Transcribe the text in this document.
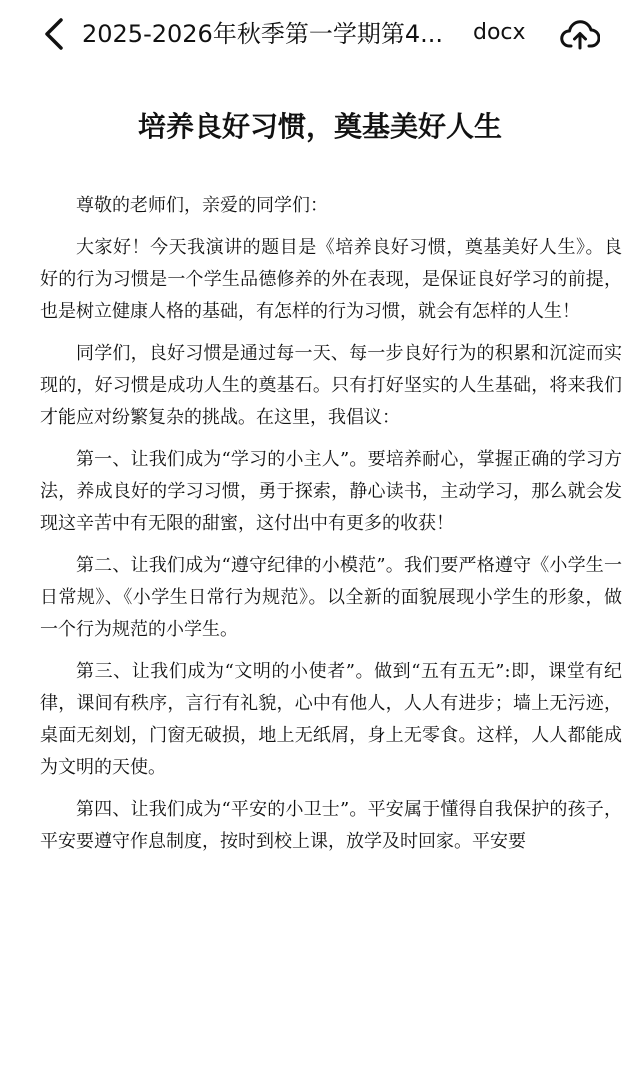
2025-2026年秋季第一学期第4...	docx
培养良好习惯，奠基美好人生

尊敬的老师们，亲爱的同学们：

大家好！今天我演讲的题目是《培养良好习惯，奠基美好人生》。良好的行为习惯是一个学生品德修养的外在表现，是保证良好学习的前提，也是树立健康人格的基础，有怎样的行为习惯，就会有怎样的人生！

同学们，良好习惯是通过每一天、每一步良好行为的积累和沉淀而实现的，好习惯是成功人生的奠基石。只有打好坚实的人生基础，将来我们才能应对纷繁复杂的挑战。在这里，我倡议：

第一、让我们成为“学习的小主人”。要培养耐心，掌握正确的学习方法，养成良好的学习习惯，勇于探索，静心读书，主动学习，那么就会发现这辛苦中有无限的甜蜜，这付出中有更多的收获！

第二、让我们成为“遵守纪律的小模范”。我们要严格遵守《小学生一日常规》、《小学生日常行为规范》。以全新的面貌展现小学生的形象，做一个行为规范的小学生。

第三、让我们成为“文明的小使者”。做到“五有五无”:即，课堂有纪律，课间有秩序，言行有礼貌，心中有他人，人人有进步；墙上无污迹，桌面无刻划，门窗无破损，地上无纸屑，身上无零食。这样，人人都能成为文明的天使。

第四、让我们成为“平安的小卫士”。平安属于懂得自我保护的孩子，平安要遵守作息制度，按时到校上课，放学及时回家。平安要
